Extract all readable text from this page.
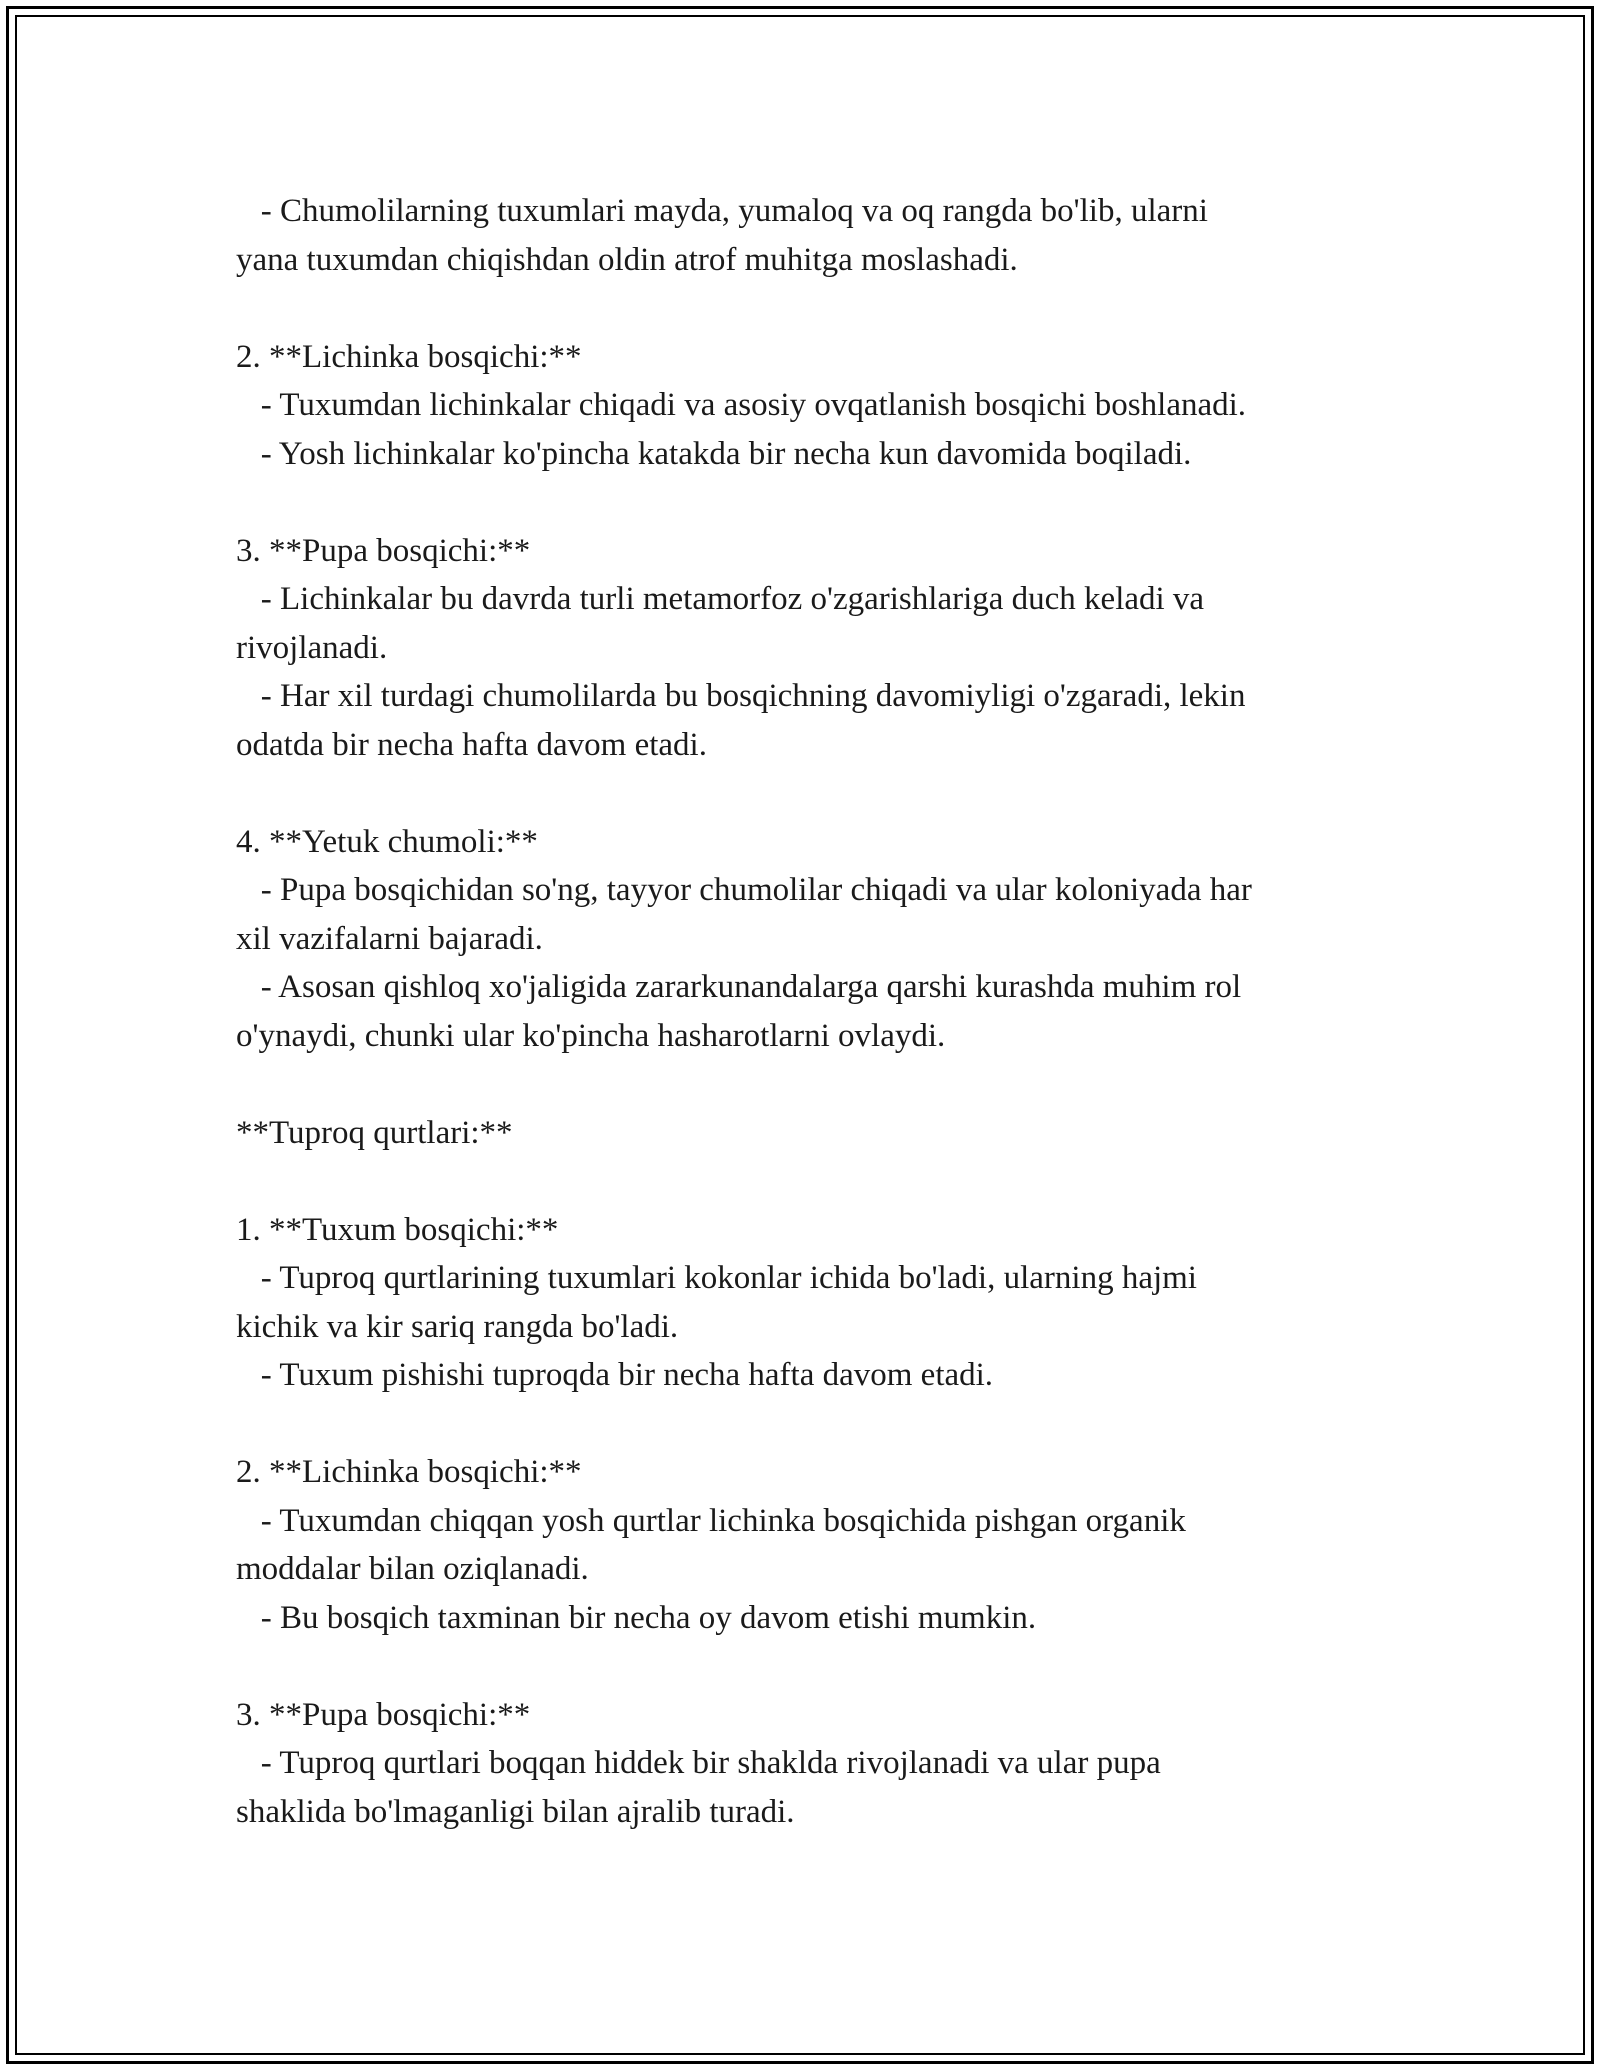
- Chumolilarning tuxumlari mayda, yumaloq va oq rangda bo'lib, ularni
yana tuxumdan chiqishdan oldin atrof muhitga moslashadi.
2. **Lichinka bosqichi:**
- Tuxumdan lichinkalar chiqadi va asosiy ovqatlanish bosqichi boshlanadi.
- Yosh lichinkalar ko'pincha katakda bir necha kun davomida boqiladi.
3. **Pupa bosqichi:**
- Lichinkalar bu davrda turli metamorfoz o'zgarishlariga duch keladi va
rivojlanadi.
- Har xil turdagi chumolilarda bu bosqichning davomiyligi o'zgaradi, lekin
odatda bir necha hafta davom etadi.
4. **Yetuk chumoli:**
- Pupa bosqichidan so'ng, tayyor chumolilar chiqadi va ular koloniyada har
xil vazifalarni bajaradi.
- Asosan qishloq xo'jaligida zararkunandalarga qarshi kurashda muhim rol
o'ynaydi, chunki ular ko'pincha hasharotlarni ovlaydi.
**Tuproq qurtlari:**
1. **Tuxum bosqichi:**
- Tuproq qurtlarining tuxumlari kokonlar ichida bo'ladi, ularning hajmi
kichik va kir sariq rangda bo'ladi.
- Tuxum pishishi tuproqda bir necha hafta davom etadi.
2. **Lichinka bosqichi:**
- Tuxumdan chiqqan yosh qurtlar lichinka bosqichida pishgan organik
moddalar bilan oziqlanadi.
- Bu bosqich taxminan bir necha oy davom etishi mumkin.
3. **Pupa bosqichi:**
- Tuproq qurtlari boqqan hiddek bir shaklda rivojlanadi va ular pupa
shaklida bo'lmaganligi bilan ajralib turadi.
